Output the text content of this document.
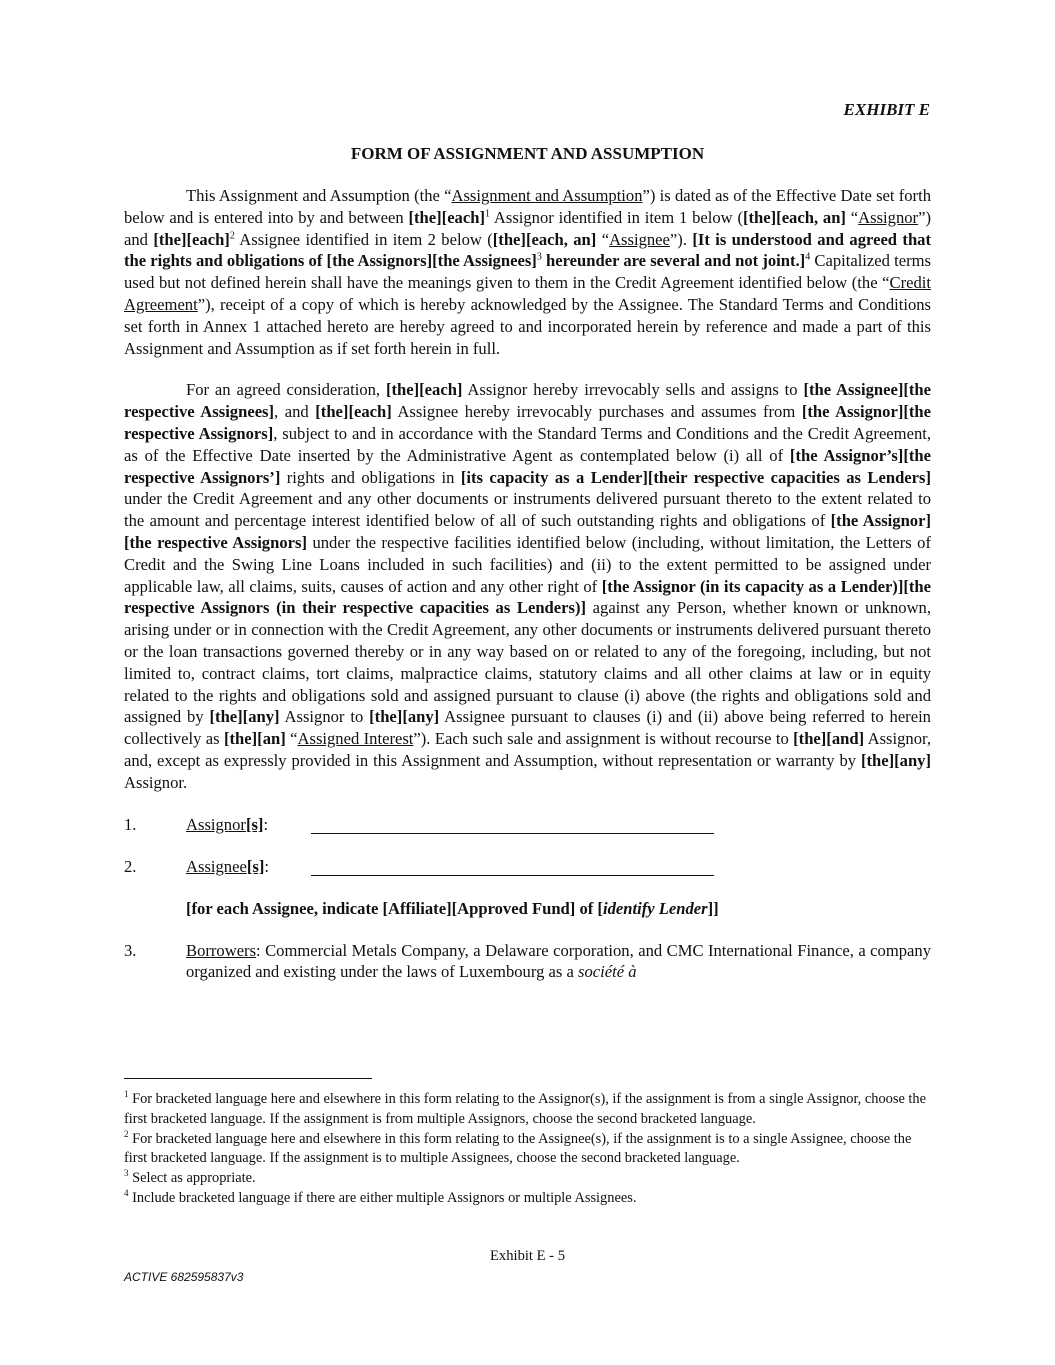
EXHIBIT E
FORM OF ASSIGNMENT AND ASSUMPTION

This Assignment and Assumption (the “Assignment and Assumption”) is dated as of the Effective Date set forth below and is entered into by and between [the][each]$^1$ Assignor identified in item 1 below ([the][each, an] “Assignor”) and [the][each]$^2$ Assignee identified in item 2 below ([the][each, an] “Assignee”). [It is understood and agreed that the rights and obligations of [the Assignors][the Assignees]$^3$ hereunder are several and not joint.]$^4$ Capitalized terms used but not defined herein shall have the meanings given to them in the Credit Agreement identified below (the “Credit Agreement”), receipt of a copy of which is hereby acknowledged by the Assignee. The Standard Terms and Conditions set forth in Annex 1 attached hereto are hereby agreed to and incorporated herein by reference and made a part of this Assignment and Assumption as if set forth herein in full.

For an agreed consideration, [the][each] Assignor hereby irrevocably sells and assigns to [the Assignee][the respective Assignees], and [the][each] Assignee hereby irrevocably purchases and assumes from [the Assignor][the respective Assignors], subject to and in accordance with the Standard Terms and Conditions and the Credit Agreement, as of the Effective Date inserted by the Administrative Agent as contemplated below (i) all of [the Assignor’s][the respective Assignors’] rights and obligations in [its capacity as a Lender][their respective capacities as Lenders] under the Credit Agreement and any other documents or instruments delivered pursuant thereto to the extent related to the amount and percentage interest identified below of all of such outstanding rights and obligations of [the Assignor][the respective Assignors] under the respective facilities identified below (including, without limitation, the Letters of Credit and the Swing Line Loans included in such facilities) and (ii) to the extent permitted to be assigned under applicable law, all claims, suits, causes of action and any other right of [the Assignor (in its capacity as a Lender)][the respective Assignors (in their respective capacities as Lenders)] against any Person, whether known or unknown, arising under or in connection with the Credit Agreement, any other documents or instruments delivered pursuant thereto or the loan transactions governed thereby or in any way based on or related to any of the foregoing, including, but not limited to, contract claims, tort claims, malpractice claims, statutory claims and all other claims at law or in equity related to the rights and obligations sold and assigned pursuant to clause (i) above (the rights and obligations sold and assigned by [the][any] Assignor to [the][any] Assignee pursuant to clauses (i) and (ii) above being referred to herein collectively as [the][an] “Assigned Interest”). Each such sale and assignment is without recourse to [the][and] Assignor, and, except as expressly provided in this Assignment and Assumption, without representation or warranty by [the][any] Assignor.

1.	Assignor[s]:
2.	Assignee[s]:
[for each Assignee, indicate [Affiliate][Approved Fund] of [identify Lender]]
3.	Borrowers: Commercial Metals Company, a Delaware corporation, and CMC International Finance, a company organized and existing under the laws of Luxembourg as a société à
$^1$ For bracketed language here and elsewhere in this form relating to the Assignor(s), if the assignment is from a single Assignor, choose the first bracketed language. If the assignment is from multiple Assignors, choose the second bracketed language.
$^2$ For bracketed language here and elsewhere in this form relating to the Assignee(s), if the assignment is to a single Assignee, choose the first bracketed language. If the assignment is to multiple Assignees, choose the second bracketed language.
$^3$ Select as appropriate.
$^4$ Include bracketed language if there are either multiple Assignors or multiple Assignees.
Exhibit E - 5
ACTIVE 682595837v3
